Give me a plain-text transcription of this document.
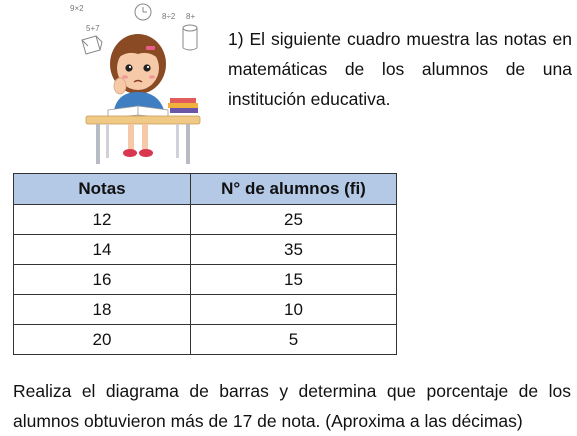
9×2
5+7
8÷2 8+

1) El siguiente cuadro muestra las notas en matemáticas de los alumnos de una institución educativa.

Notas	N° de alumnos (fi)
12	25
14	35
16	15
18	10
20	5

Realiza el diagrama de barras y determina que porcentaje de los alumnos obtuvieron más de 17 de nota. (Aproxima a las décimas)
